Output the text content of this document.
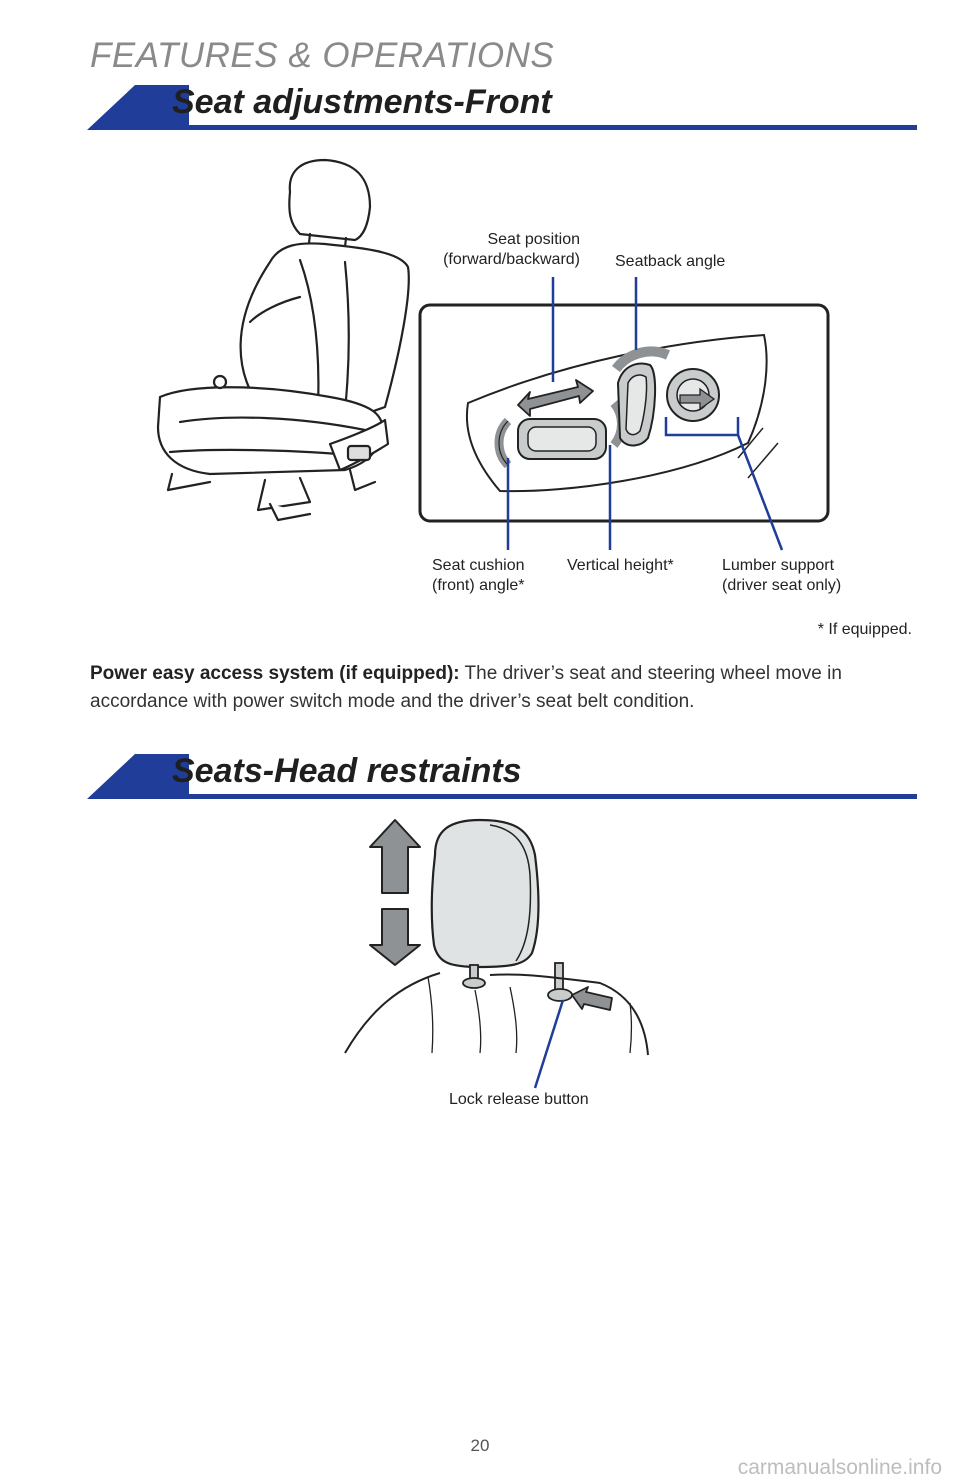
FEATURES & OPERATIONS
Seat adjustments-Front
Seat position
(forward/backward) Seatback angle
Seat cushion
(front) angle*
Vertical height*	Lumber support
(driver seat only)
* If equipped.
Power easy access system (if equipped): The driver’s seat and steering wheel move in accordance with power switch mode and the driver’s seat belt condition.
Seats-Head restraints
Lock release button
20
carmanualsonline.info
